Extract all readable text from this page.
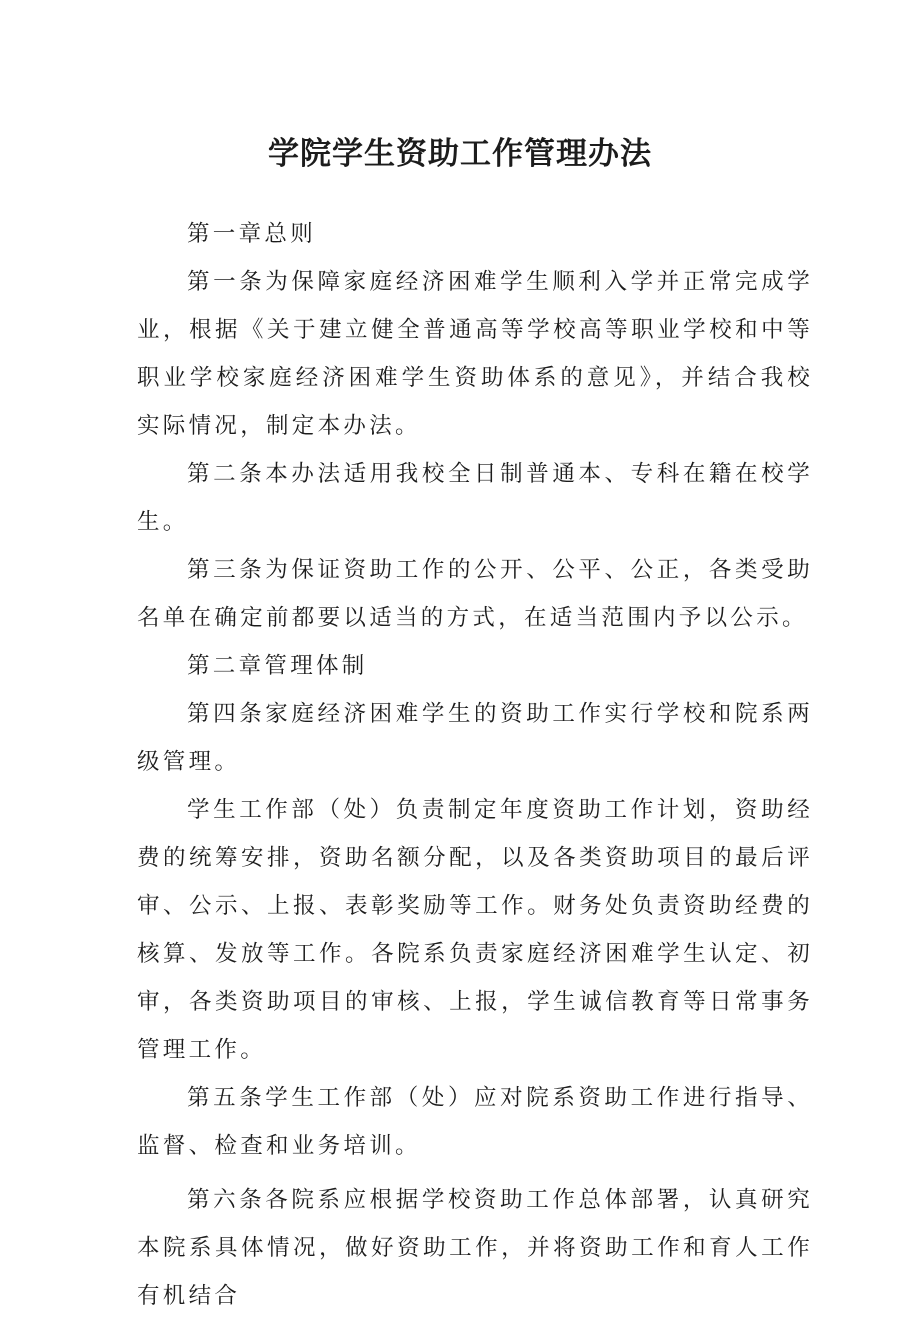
学院学生资助工作管理办法

第一章总则

第一条为保障家庭经济困难学生顺利入学并正常完成学业，根据《关于建立健全普通高等学校高等职业学校和中等职业学校家庭经济困难学生资助体系的意见》，并结合我校实际情况，制定本办法。

第二条本办法适用我校全日制普通本、专科在籍在校学生。

第三条为保证资助工作的公开、公平、公正，各类受助名单在确定前都要以适当的方式，在适当范围内予以公示。

第二章管理体制

第四条家庭经济困难学生的资助工作实行学校和院系两级管理。

学生工作部（处）负责制定年度资助工作计划，资助经费的统筹安排，资助名额分配，以及各类资助项目的最后评审、公示、上报、表彰奖励等工作。财务处负责资助经费的核算、发放等工作。各院系负责家庭经济困难学生认定、初审，各类资助项目的审核、上报，学生诚信教育等日常事务管理工作。

第五条学生工作部（处）应对院系资助工作进行指导、监督、检查和业务培训。

第六条各院系应根据学校资助工作总体部署，认真研究本院系具体情况，做好资助工作，并将资助工作和育人工作有机结合
